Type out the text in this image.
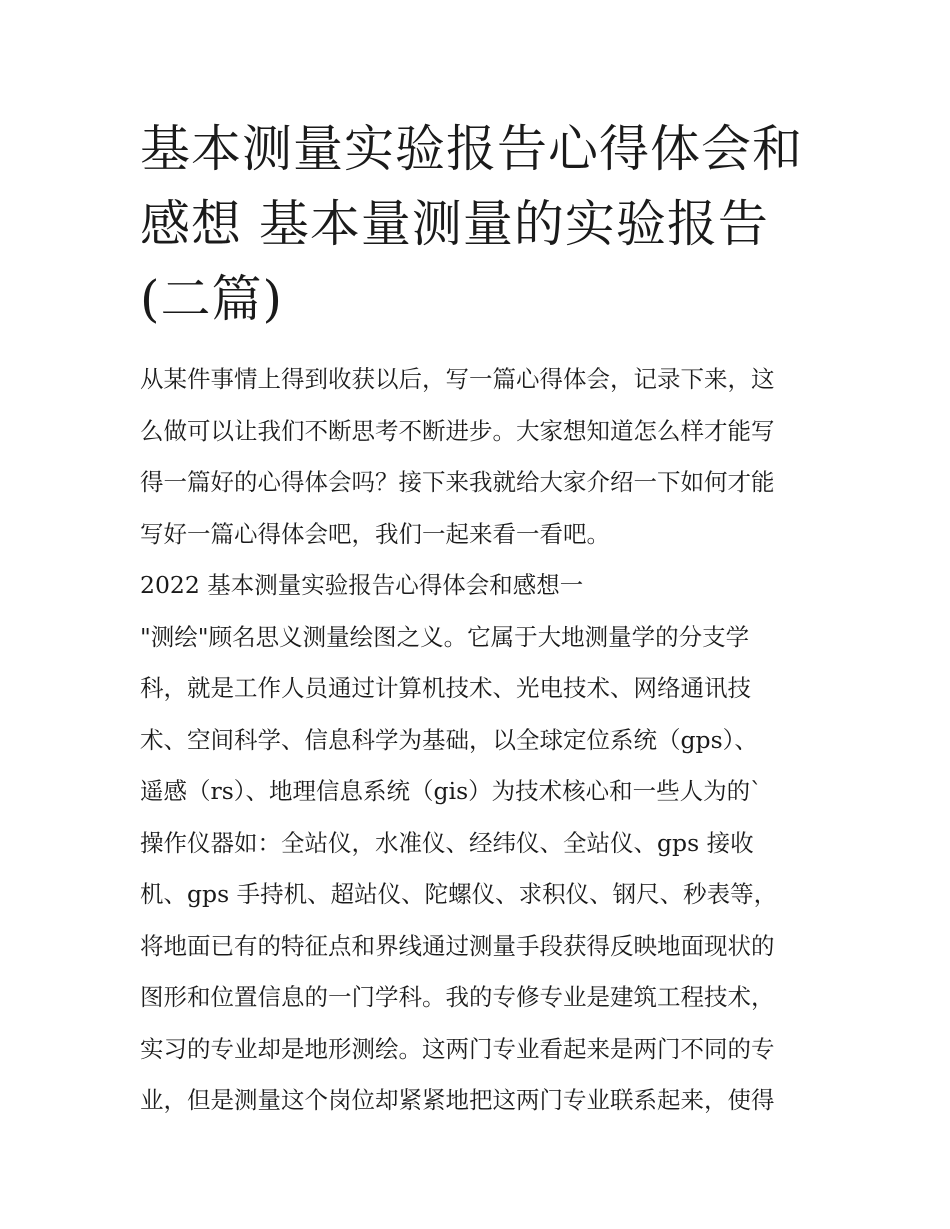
基本测量实验报告心得体会和
感想 基本量测量的实验报告
(二篇)
从某件事情上得到收获以后，写一篇心得体会，记录下来，这
么做可以让我们不断思考不断进步。大家想知道怎么样才能写
得一篇好的心得体会吗？接下来我就给大家介绍一下如何才能
写好一篇心得体会吧，我们一起来看一看吧。
2022 基本测量实验报告心得体会和感想一
"测绘"顾名思义测量绘图之义。它属于大地测量学的分支学
科，就是工作人员通过计算机技术、光电技术、网络通讯技
术、空间科学、信息科学为基础，以全球定位系统（gps）、
遥感（rs）、地理信息系统（gis）为技术核心和一些人为的`
操作仪器如：全站仪，水准仪、经纬仪、全站仪、gps 接收
机、gps 手持机、超站仪、陀螺仪、求积仪、钢尺、秒表等，
将地面已有的特征点和界线通过测量手段获得反映地面现状的
图形和位置信息的一门学科。我的专修专业是建筑工程技术，
实习的专业却是地形测绘。这两门专业看起来是两门不同的专
业，但是测量这个岗位却紧紧地把这两门专业联系起来，使得
